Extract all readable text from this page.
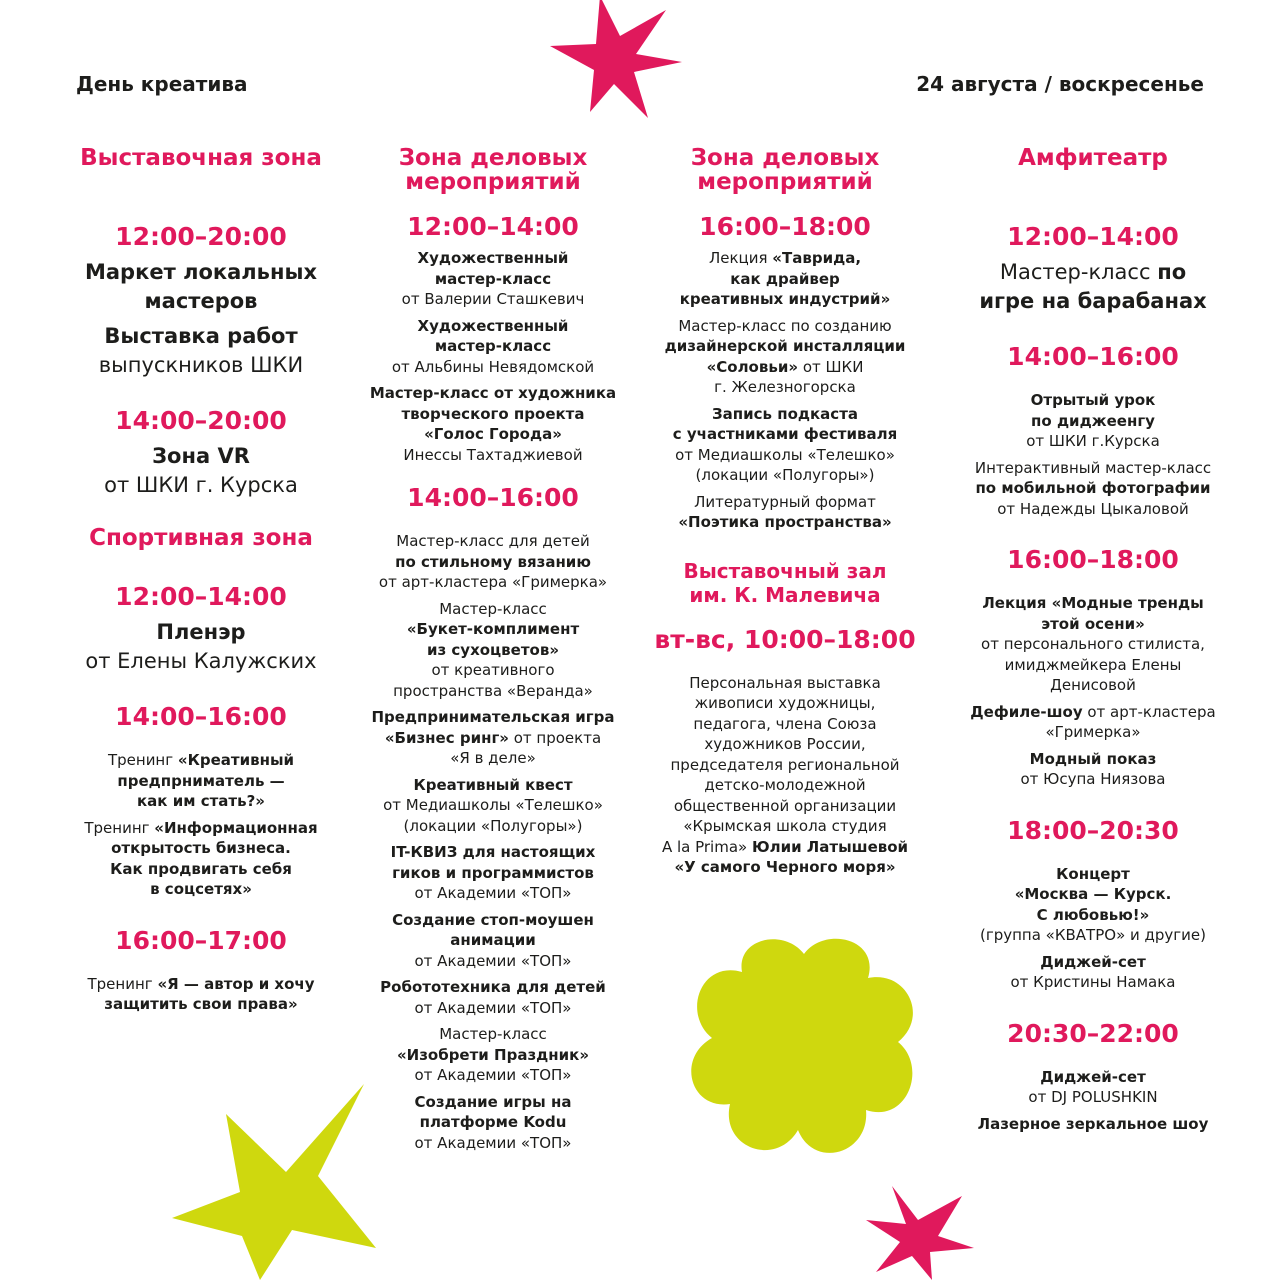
День креатива	24 августа / воскресенье
Выставочная зона
12:00–20:00
Маркет локальных мастеров
Выставка работ
выпускников ШКИ
14:00–20:00
Зона VR
от ШКИ г. Курска
Спортивная зона
12:00–14:00
Пленэр
от Елены Калужских
14:00–16:00
Тренинг «Креативный
предпрниматель —
как им стать?»
Тренинг «Информационная
открытость бизнеса.
Как продвигать себя
в соцсетях»
16:00–17:00
Тренинг «Я — автор и хочу
защитить свои права»
Зона деловых
мероприятий
12:00–14:00
Художественный
мастер-класс
от Валерии Сташкевич
Художественный
мастер-класс
от Альбины Невядомской
Мастер-класс от художника
творческого проекта
«Голос Города»
Инессы Тахтаджиевой
14:00–16:00
Мастер-класс для детей
по стильному вязанию
от арт-кластера «Гримерка»
Мастер-класс
«Букет-комплимент
из сухоцветов»
от креативного
пространства «Веранда»
Предпринимательская игра
«Бизнес ринг» от проекта
«Я в деле»
Креативный квест
от Медиашколы «Телешко»
(локации «Полугоры»)
IT-КВИЗ для настоящих
гиков и программистов
от Академии «ТОП»
Создание стоп-моушен
анимации
от Академии «ТОП»
Робототехника для детей
от Академии «ТОП»
Мастер-класс
«Изобрети Праздник»
от Академии «ТОП»
Создание игры на
платформе Kodu
от Академии «ТОП»
Зона деловых
мероприятий
16:00–18:00
Лекция «Таврида,
как драйвер
креативных индустрий»
Мастер-класс по созданию
дизайнерской инсталляции
«Соловьи» от ШКИ
г. Железногорска
Запись подкаста
с участниками фестиваля
от Медиашколы «Телешко»
(локации «Полугоры»)
Литературный формат
«Поэтика пространства»
Выставочный зал
им. К. Малевича
вт-вс, 10:00–18:00
Персональная выставка
живописи художницы,
педагога, члена Союза
художников России,
председателя региональной
детско-молодежной
общественной организации
«Крымская школа студия
A la Prima» Юлии Латышевой
«У самого Черного моря»
Амфитеатр
12:00–14:00
Мастер-класс по
игре на барабанах
14:00–16:00
Отрытый урок
по диджеенгу
от ШКИ г.Курска
Интерактивный мастер-класс
по мобильной фотографии
от Надежды Цыкаловой
16:00–18:00
Лекция «Модные тренды
этой осени»
от персонального стилиста,
имиджмейкера Елены
Денисовой
Дефиле-шоу от арт-кластера
«Гримерка»
Модный показ
от Юсупа Ниязова
18:00–20:30
Концерт
«Москва — Курск.
С любовью!»
(группа «КВАТРО» и другие)
Диджей-сет
от Кристины Намака
20:30–22:00
Диджей-сет
от DJ POLUSHKIN
Лазерное зеркальное шоу
